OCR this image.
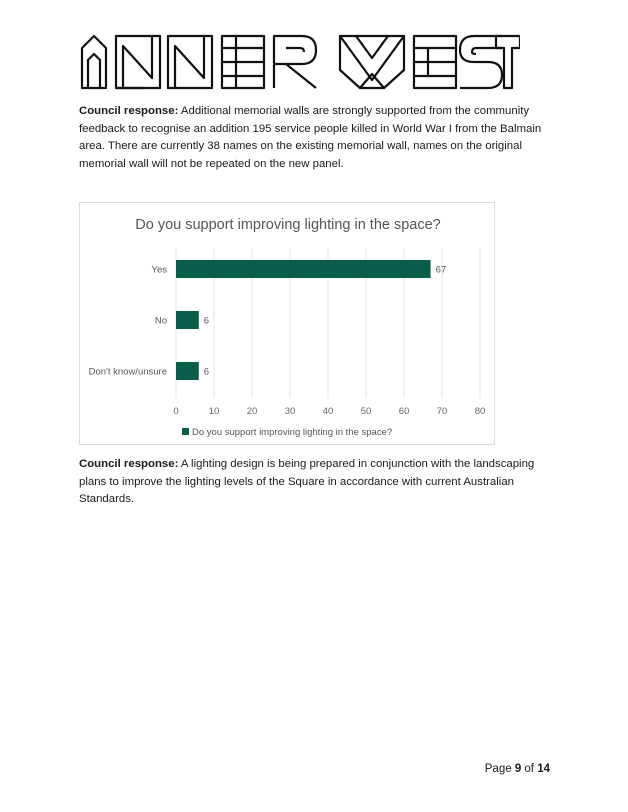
Council response: Additional memorial walls are strongly supported from the community feedback to recognise an addition 195 service people killed in World War I from the Balmain area. There are currently 38 names on the existing memorial wall, names on the original memorial wall will not be repeated on the new panel.

Do you support improving lighting in the space?
0	10	20	30	40	50	60	70	80
Yes	67
No	6
Don't know/unsure	6
Do you support improving lighting in the space?

Council response: A lighting design is being prepared in conjunction with the landscaping plans to improve the lighting levels of the Square in accordance with current Australian Standards.

Page 9 of 14
